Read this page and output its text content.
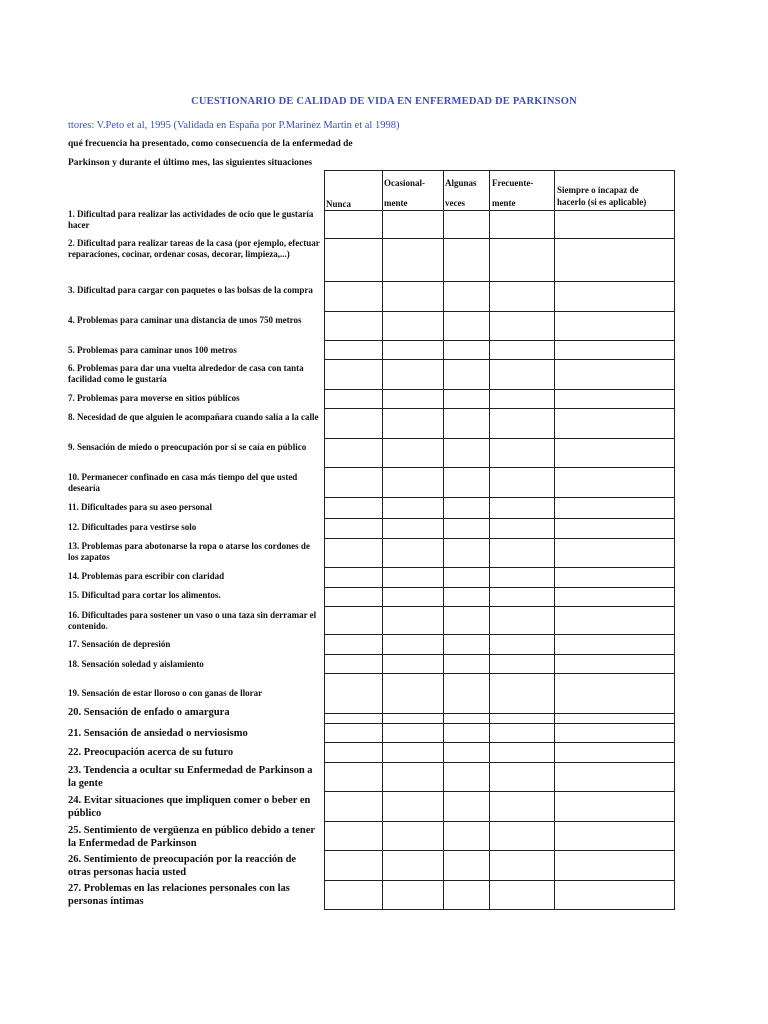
CUESTIONARIO DE CALIDAD DE VIDA EN ENFERMEDAD DE PARKINSON
ttores: V.Peto et al, 1995 (Validada en España por P.Marinez Martin et al 1998)
qué frecuencia ha presentado, como consecuencia de la enfermedad de
Parkinson y durante el último mes, las siguientes situaciones
Nunca
Ocasional-
mente
Algunas
veces
Frecuente-
mente
Siempre o incapaz de
hacerlo (si es aplicable)
1. Dificultad para realizar las actividades de ocio que le gustaría hacer
2. Dificultad para realizar tareas de la casa (por ejemplo, efectuar reparaciones, cocinar, ordenar cosas, decorar, limpieza,...)
3. Dificultad para cargar con paquetes o las bolsas de la compra
4. Problemas para caminar una distancia de unos 750 metros
5. Problemas para caminar unos 100 metros
6. Problemas para dar una vuelta alrededor de casa con tanta facilidad como le gustaría
7. Problemas para moverse en sitios públicos
8. Necesidad de que alguien le acompañara cuando salía a la calle
9. Sensación de miedo o preocupación por si se caía en público
10. Permanecer confinado en casa más tiempo del que usted desearía
11. Dificultades para su aseo personal
12. Dificultades para vestirse solo
13. Problemas para abotonarse la ropa o atarse los cordones de los zapatos
14. Problemas para escribir con claridad
15. Dificultad para cortar los alimentos.
16. Dificultades para sostener un vaso o una taza sin derramar el contenido.
17. Sensación de depresión
18. Sensación soledad y aislamiento
19. Sensación de estar lloroso o con ganas de llorar
20. Sensación de enfado o amargura
21. Sensación de ansiedad o nerviosismo
22. Preocupación acerca de su futuro
23. Tendencia a ocultar su Enfermedad de Parkinson a la gente
24. Evitar situaciones que impliquen comer o beber en público
25. Sentimiento de vergüenza en público debido a tener la Enfermedad de Parkinson
26. Sentimiento de preocupación por la reacción de otras personas hacia usted
27. Problemas en las relaciones personales con las personas íntimas
